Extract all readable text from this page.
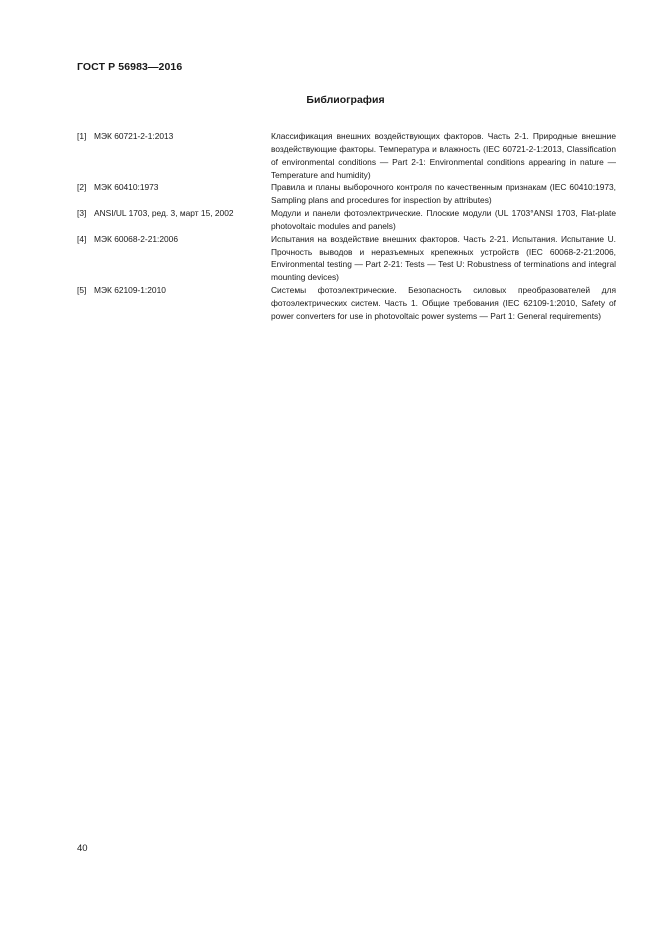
ГОСТ Р 56983—2016
Библиография
[1] МЭК 60721-2-1:2013	Классификация внешних воздействующих факторов. Часть 2-1. Природные внешние воздействующие факторы. Температура и влажность (IEC 60721-2-1:2013, Classification of environmental conditions — Part 2-1: Environmental conditions appearing in nature — Temperature and humidity)
[2] МЭК 60410:1973	Правила и планы выборочного контроля по качественным признакам (IEC 60410:1973, Sampling plans and procedures for inspection by attributes)
[3] ANSI/UL 1703, ред. 3, март 15, 2002	Модули и панели фотоэлектрические. Плоские модули (UL 1703°ANSI 1703, Flat-plate photovoltaic modules and panels)
[4] МЭК 60068-2-21:2006	Испытания на воздействие внешних факторов. Часть 2-21. Испытания. Испытание U. Прочность выводов и неразъемных крепежных устройств (IEC 60068-2-21:2006, Environmental testing — Part 2-21: Tests — Test U: Robustness of terminations and integral mounting devices)
[5] МЭК 62109-1:2010	Системы фотоэлектрические. Безопасность силовых преобразователей для фотоэлектрических систем. Часть 1. Общие требования (IEC 62109-1:2010, Safety of power converters for use in photovoltaic power systems — Part 1: General requirements)
40
